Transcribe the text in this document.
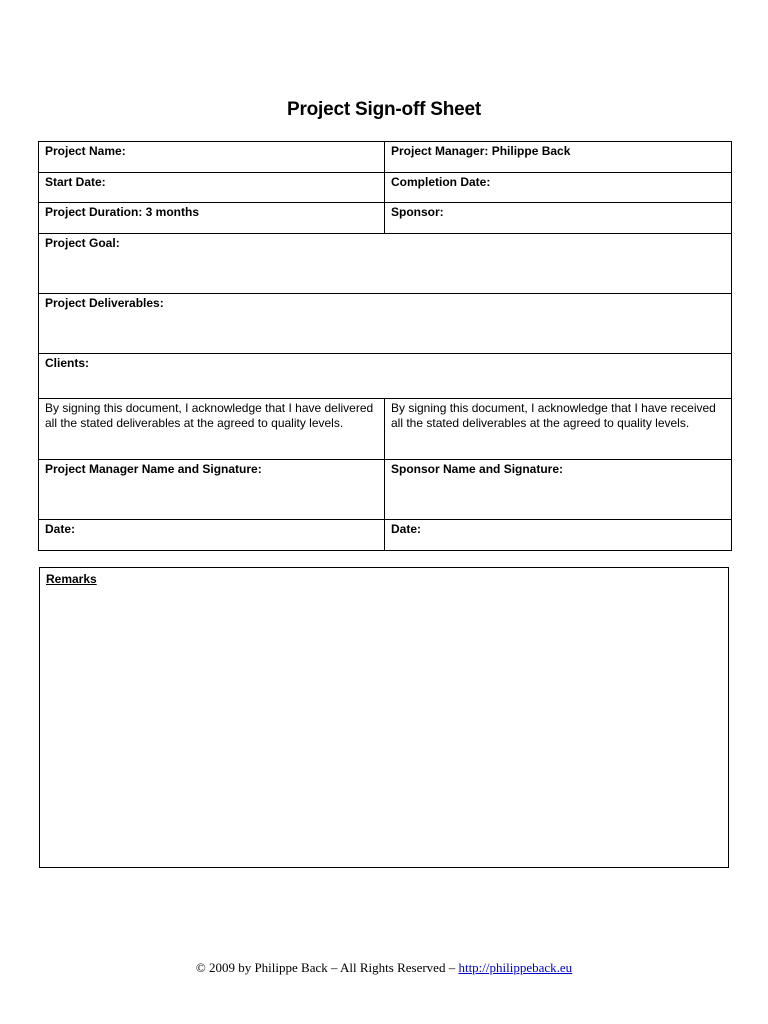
Project Sign-off Sheet
Project Name:	Project Manager: Philippe Back
Start Date:	Completion Date:
Project Duration: 3 months	Sponsor:
Project Goal:	
Project Deliverables:	
Clients:	
By signing this document, I acknowledge that I have delivered all the stated deliverables at the agreed to quality levels.	By signing this document, I acknowledge that I have received all the stated deliverables at the agreed to quality levels.
Project Manager Name and Signature:	Sponsor Name and Signature:
Date:	Date:
Remarks
© 2009 by Philippe Back – All Rights Reserved – http://philippeback.eu
